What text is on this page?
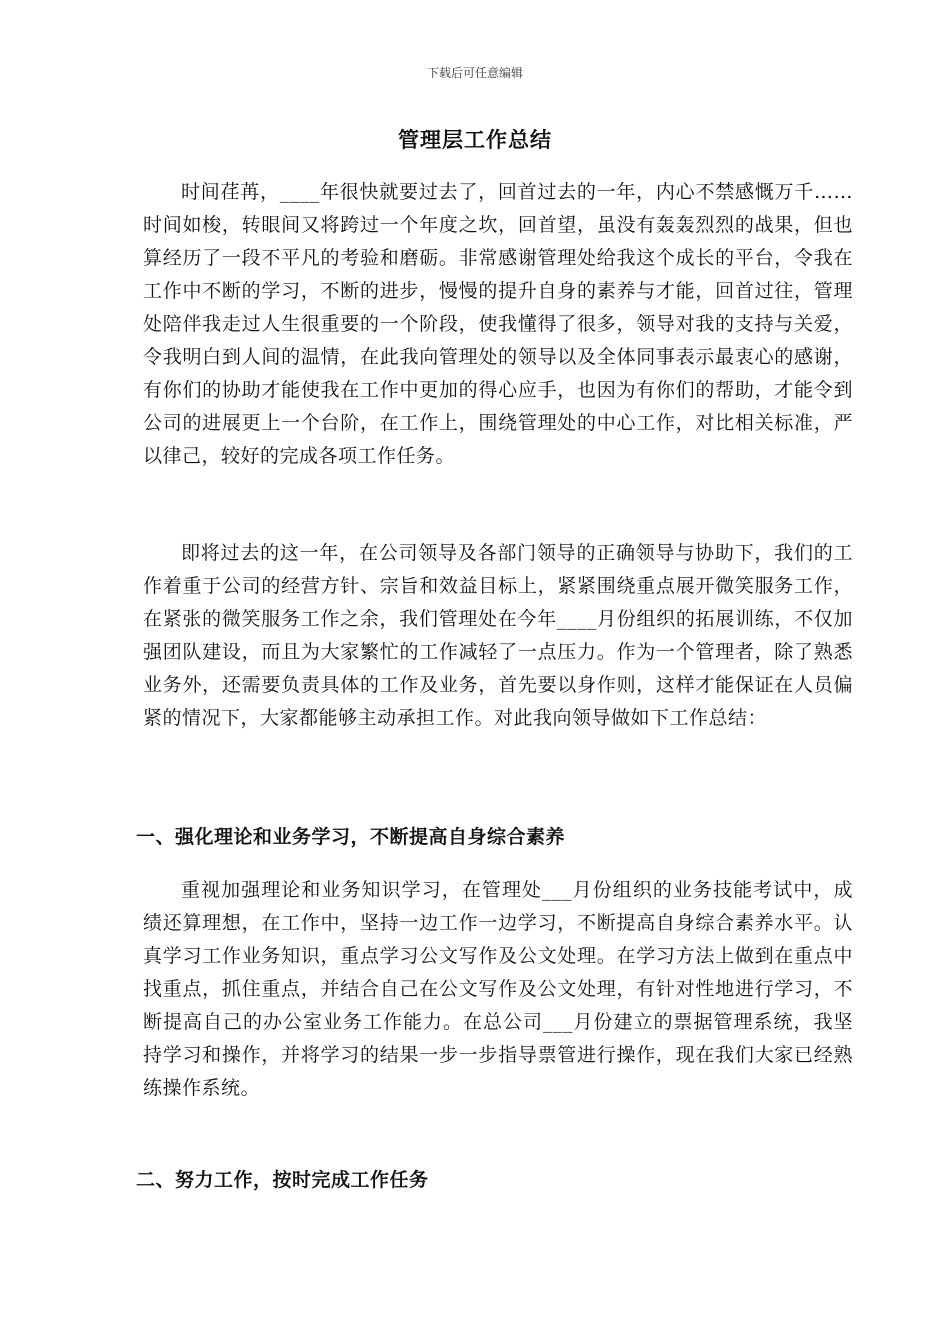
下载后可任意编辑
管理层工作总结
时间荏苒，____年很快就要过去了，回首过去的一年，内心不禁感慨万千……时间如梭，转眼间又将跨过一个年度之坎，回首望，虽没有轰轰烈烈的战果，但也算经历了一段不平凡的考验和磨砺。非常感谢管理处给我这个成长的平台，令我在工作中不断的学习，不断的进步，慢慢的提升自身的素养与才能，回首过往，管理处陪伴我走过人生很重要的一个阶段，使我懂得了很多，领导对我的支持与关爱，令我明白到人间的温情，在此我向管理处的领导以及全体同事表示最衷心的感谢，有你们的协助才能使我在工作中更加的得心应手，也因为有你们的帮助，才能令到公司的进展更上一个台阶，在工作上，围绕管理处的中心工作，对比相关标准，严以律己，较好的完成各项工作任务。
即将过去的这一年，在公司领导及各部门领导的正确领导与协助下，我们的工作着重于公司的经营方针、宗旨和效益目标上，紧紧围绕重点展开微笑服务工作，在紧张的微笑服务工作之余，我们管理处在今年____月份组织的拓展训练，不仅加强团队建设，而且为大家繁忙的工作减轻了一点压力。作为一个管理者，除了熟悉业务外，还需要负责具体的工作及业务，首先要以身作则，这样才能保证在人员偏紧的情况下，大家都能够主动承担工作。对此我向领导做如下工作总结：
一、强化理论和业务学习，不断提高自身综合素养
重视加强理论和业务知识学习，在管理处___月份组织的业务技能考试中，成绩还算理想，在工作中，坚持一边工作一边学习，不断提高自身综合素养水平。认真学习工作业务知识，重点学习公文写作及公文处理。在学习方法上做到在重点中找重点，抓住重点，并结合自己在公文写作及公文处理，有针对性地进行学习，不断提高自己的办公室业务工作能力。在总公司___月份建立的票据管理系统，我坚持学习和操作，并将学习的结果一步一步指导票管进行操作，现在我们大家已经熟练操作系统。
二、努力工作，按时完成工作任务
